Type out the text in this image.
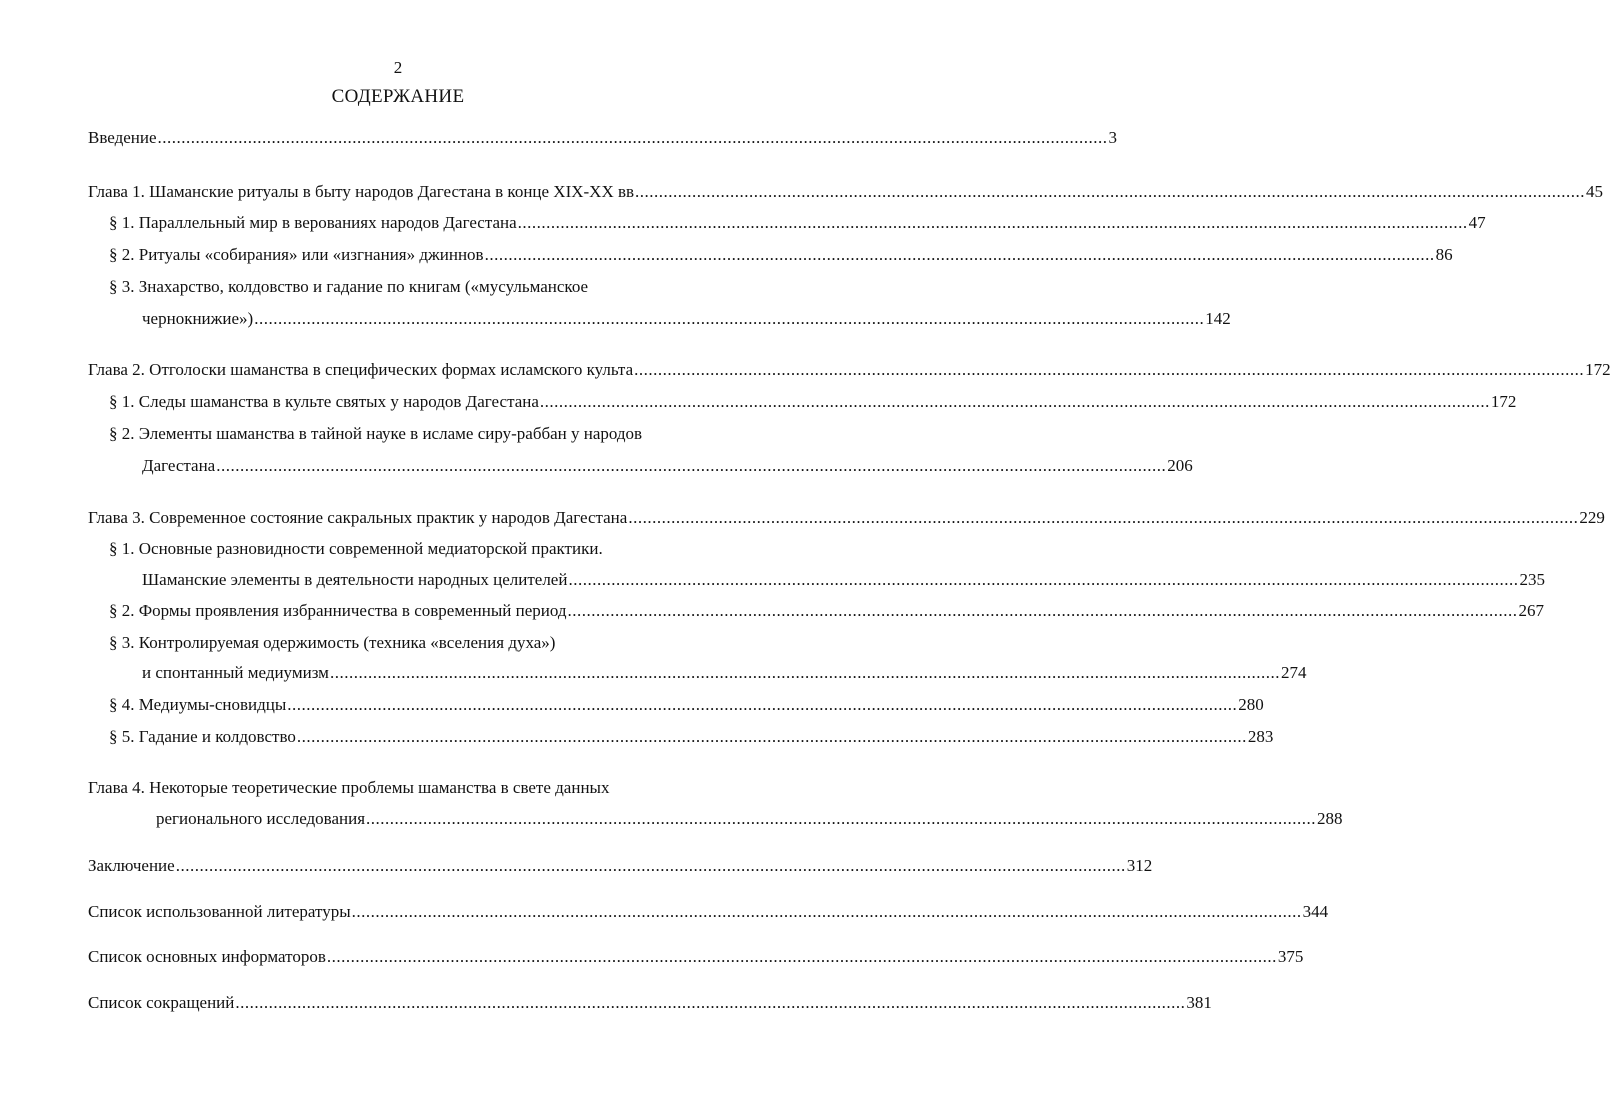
2
СОДЕРЖАНИЕ
Введение ........................................................................................................................................................................................................ 3
Глава 1. Шаманские ритуалы в быту народов Дагестана в конце XIX-XX вв ........................................................................................................................................................................................................ 45
§ 1. Параллельный мир в верованиях народов Дагестана ........................................................................................................................................................................................................ 47
§ 2. Ритуалы «собирания» или «изгнания» джиннов ........................................................................................................................................................................................................ 86
§ 3. Знахарство, колдовство и гадание по книгам («мусульманское
чернокнижие») ........................................................................................................................................................................................................ 142
Глава 2. Отголоски шаманства в специфических формах исламского культа ........................................................................................................................................................................................................ 172
§ 1. Следы шаманства в культе святых у народов Дагестана ........................................................................................................................................................................................................ 172
§ 2. Элементы шаманства в тайной науке в исламе сиру-раббан у народов
Дагестана ........................................................................................................................................................................................................ 206
Глава 3. Современное состояние сакральных практик у народов Дагестана ........................................................................................................................................................................................................ 229
§ 1. Основные разновидности современной медиаторской практики.
Шаманские элементы в деятельности народных целителей ........................................................................................................................................................................................................ 235
§ 2. Формы проявления избранничества в современный период ........................................................................................................................................................................................................ 267
§ 3. Контролируемая одержимость (техника «вселения духа»)
и спонтанный медиумизм ........................................................................................................................................................................................................ 274
§ 4. Медиумы-сновидцы ........................................................................................................................................................................................................ 280
§ 5. Гадание и колдовство ........................................................................................................................................................................................................ 283
Глава 4. Некоторые теоретические проблемы шаманства в свете данных
регионального исследования ........................................................................................................................................................................................................ 288
Заключение ........................................................................................................................................................................................................ 312
Список использованной литературы ........................................................................................................................................................................................................ 344
Список основных информаторов ........................................................................................................................................................................................................ 375
Список сокращений ........................................................................................................................................................................................................ 381
